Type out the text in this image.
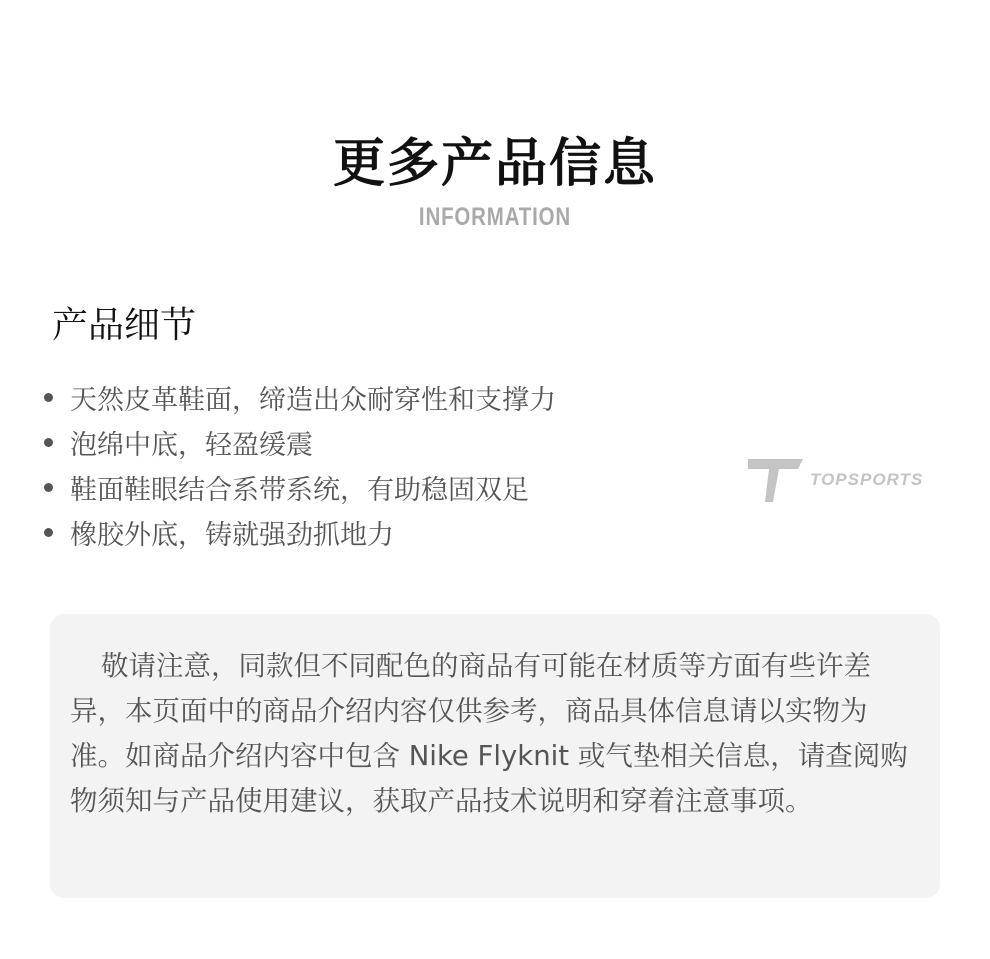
更多产品信息
INFORMATION
产品细节
天然皮革鞋面，缔造出众耐穿性和支撑力
泡绵中底，轻盈缓震
鞋面鞋眼结合系带系统，有助稳固双足
橡胶外底，铸就强劲抓地力
TOPSPORTS

敬请注意，同款但不同配色的商品有可能在材质等方面有些许差异，本页面中的商品介绍内容仅供参考，商品具体信息请以实物为准。如商品介绍内容中包含 Nike Flyknit 或气垫相关信息，请查阅购物须知与产品使用建议，获取产品技术说明和穿着注意事项。
